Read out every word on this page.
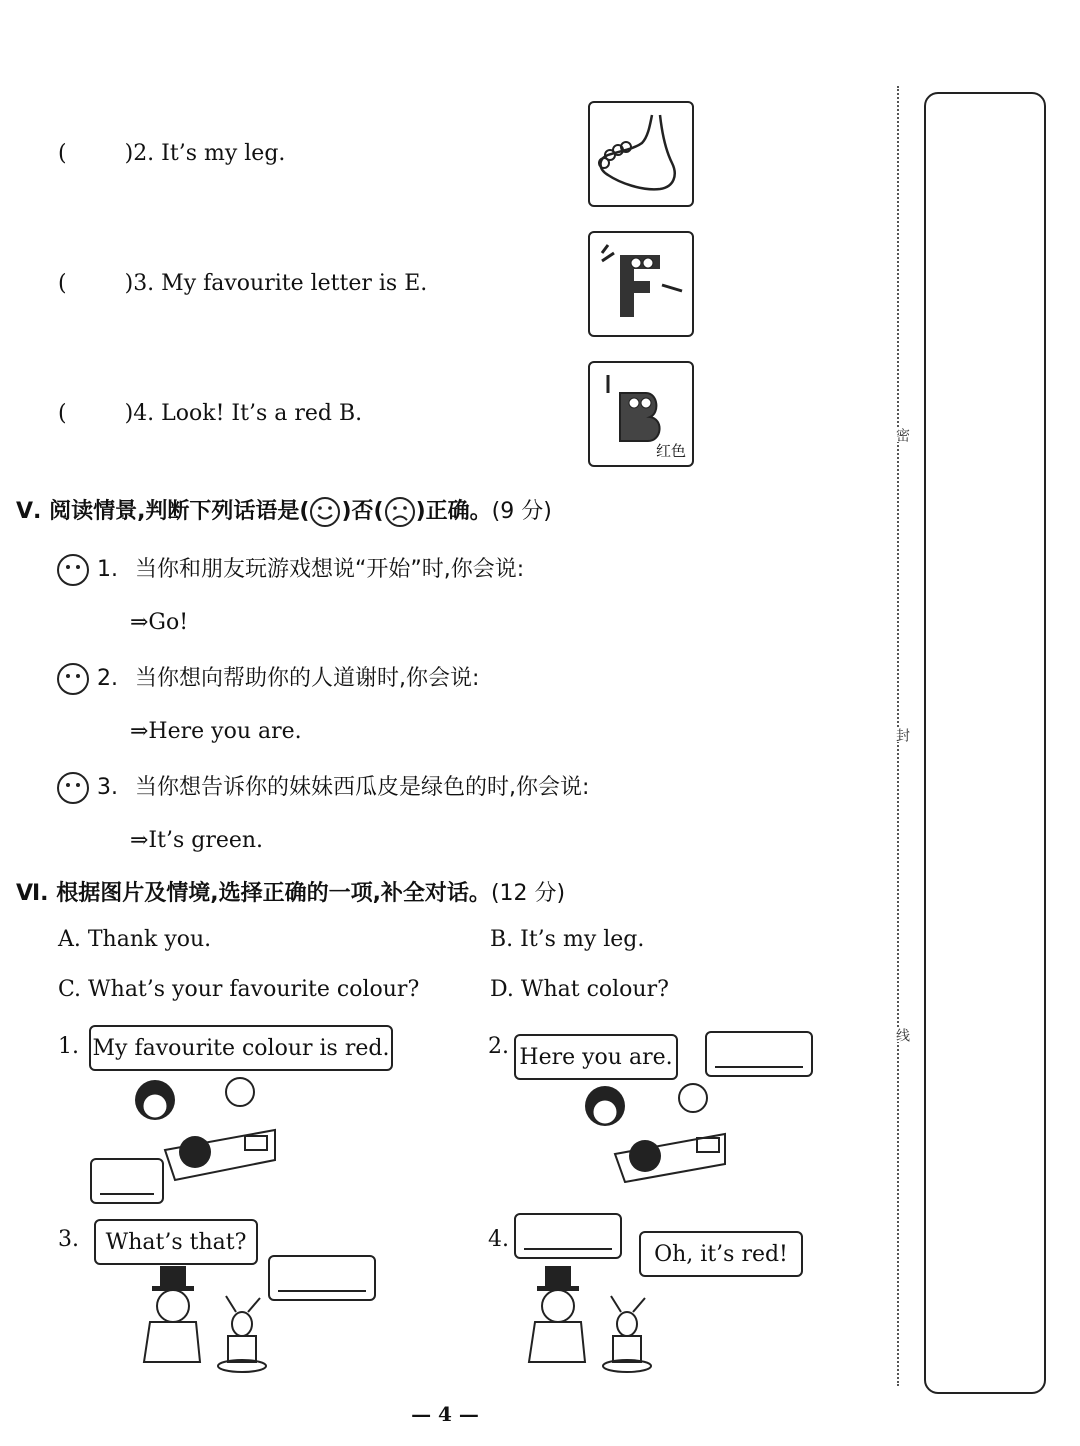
密
封
线
(	)2. It’s my leg.
(	)3. My favourite letter is E.
(	)4. Look! It’s a red B.
红色
Ⅴ. 阅读情景,判断下列话语是( )否( )正确。(9 分)
1. 当你和朋友玩游戏想说“开始”时,你会说:
⇒Go!
2. 当你想向帮助你的人道谢时,你会说:
⇒Here you are.
3. 当你想告诉你的妹妹西瓜皮是绿色的时,你会说:
⇒It’s green.
Ⅵ. 根据图片及情境,选择正确的一项,补全对话。(12 分)
A. Thank you.	B. It’s my leg.
C. What’s your favourite colour?	D. What colour?
1. My favourite colour is red.	2. Here you are.
3.	What’s that?	4.
Oh, it’s red!
— 4 —
